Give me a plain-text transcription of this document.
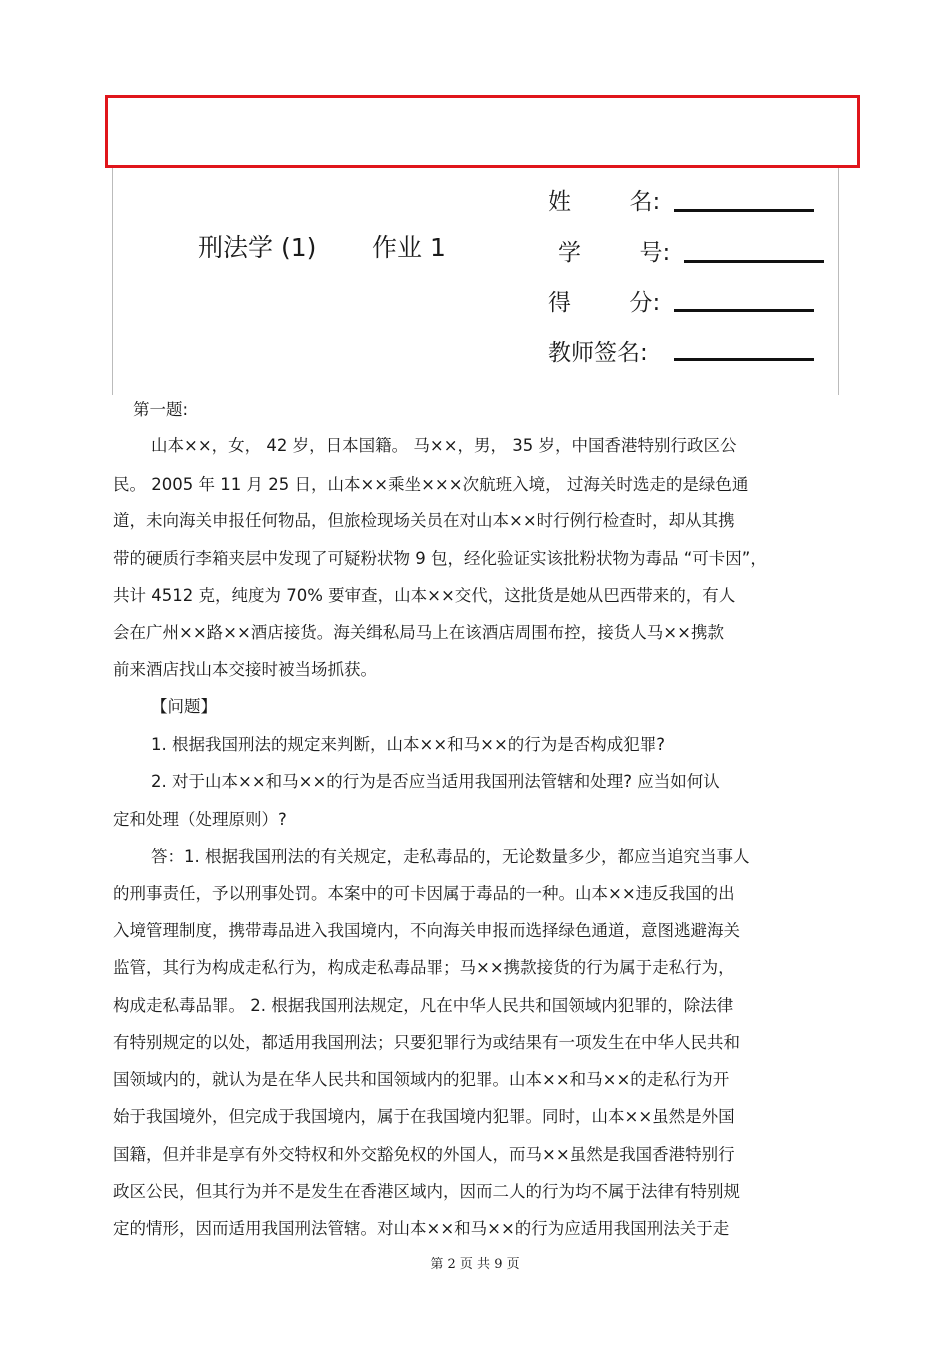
刑法学 (1) 作业 1
姓        名:
学        号:
得        分:
教师签名:
第一题:
山本××，女， 42 岁，日本国籍。 马××，男， 35 岁，中国香港特别行政区公
民。 2005 年 11 月 25 日，山本××乘坐×××次航班入境， 过海关时选走的是绿色通
道，未向海关申报任何物品，但旅检现场关员在对山本××时行例行检查时，却从其携
带的硬质行李箱夹层中发现了可疑粉状物 9 包，经化验证实该批粉状物为毒品 “可卡因”，
共计 4512 克，纯度为 70% 要审查，山本××交代，这批货是她从巴西带来的，有人
会在广州××路××酒店接货。海关缉私局马上在该酒店周围布控，接货人马××携款
前来酒店找山本交接时被当场抓获。
【问题】
1. 根据我国刑法的规定来判断，山本××和马××的行为是否构成犯罪?
2. 对于山本××和马××的行为是否应当适用我国刑法管辖和处理? 应当如何认
定和处理（处理原则）?
答：1. 根据我国刑法的有关规定，走私毒品的，无论数量多少，都应当追究当事人
的刑事责任，予以刑事处罚。本案中的可卡因属于毒品的一种。山本××违反我国的出
入境管理制度，携带毒品进入我国境内，不向海关申报而选择绿色通道，意图逃避海关
监管，其行为构成走私行为，构成走私毒品罪；马××携款接货的行为属于走私行为，
构成走私毒品罪。 2. 根据我国刑法规定，凡在中华人民共和国领域内犯罪的，除法律
有特别规定的以处，都适用我国刑法；只要犯罪行为或结果有一项发生在中华人民共和
国领域内的，就认为是在华人民共和国领域内的犯罪。山本××和马××的走私行为开
始于我国境外，但完成于我国境内，属于在我国境内犯罪。同时，山本××虽然是外国
国籍，但并非是享有外交特权和外交豁免权的外国人，而马××虽然是我国香港特别行
政区公民，但其行为并不是发生在香港区域内，因而二人的行为均不属于法律有特别规
定的情形，因而适用我国刑法管辖。对山本××和马××的行为应适用我国刑法关于走
第 2 页 共 9 页
